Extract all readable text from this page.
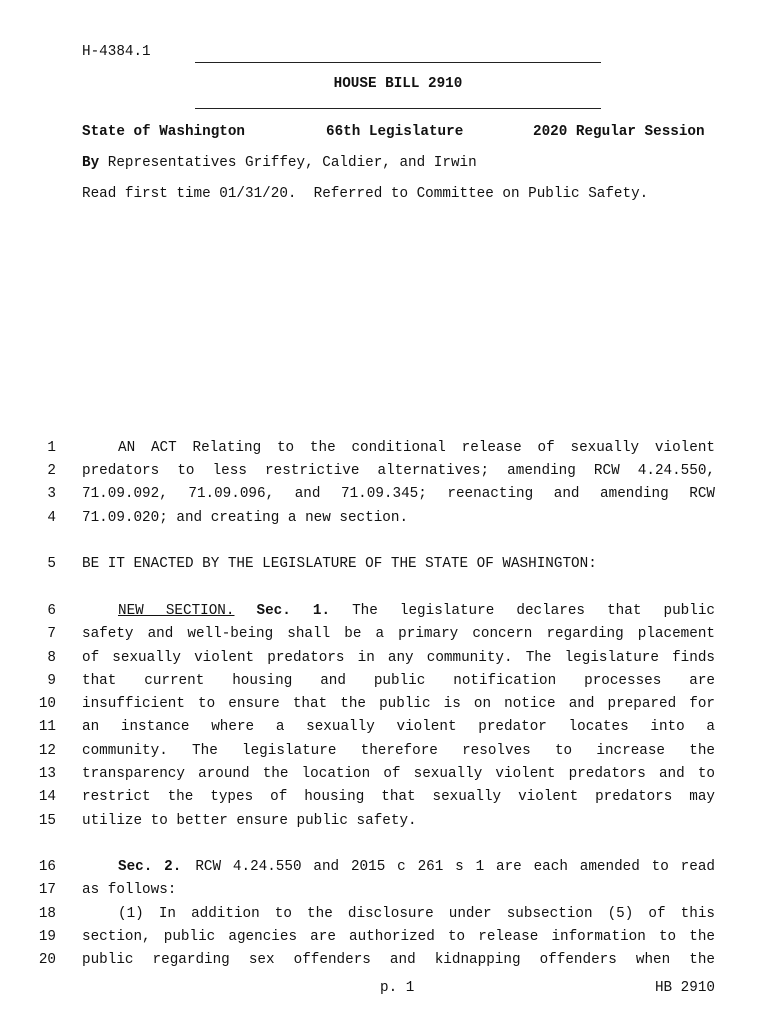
H-4384.1
HOUSE BILL 2910
State of Washington	66th Legislature	2020 Regular Session
By Representatives Griffey, Caldier, and Irwin
Read first time 01/31/20.  Referred to Committee on Public Safety.
1	AN ACT Relating to the conditional release of sexually violent
2 predators to less restrictive alternatives; amending RCW 4.24.550,
3 71.09.092, 71.09.096, and 71.09.345; reenacting and amending RCW
4 71.09.020; and creating a new section.
5 BE IT ENACTED BY THE LEGISLATURE OF THE STATE OF WASHINGTON:
6	NEW SECTION. Sec. 1. The legislature declares that public
7 safety and well-being shall be a primary concern regarding placement
8 of sexually violent predators in any community. The legislature finds
9 that current housing and public notification processes are
10 insufficient to ensure that the public is on notice and prepared for
11 an instance where a sexually violent predator locates into a
12 community. The legislature therefore resolves to increase the
13 transparency around the location of sexually violent predators and to
14 restrict the types of housing that sexually violent predators may
15 utilize to better ensure public safety.
16	Sec. 2. RCW 4.24.550 and 2015 c 261 s 1 are each amended to read
17 as follows:
18	(1) In addition to the disclosure under subsection (5) of this
19 section, public agencies are authorized to release information to the
20 public regarding sex offenders and kidnapping offenders when the
p. 1	HB 2910
